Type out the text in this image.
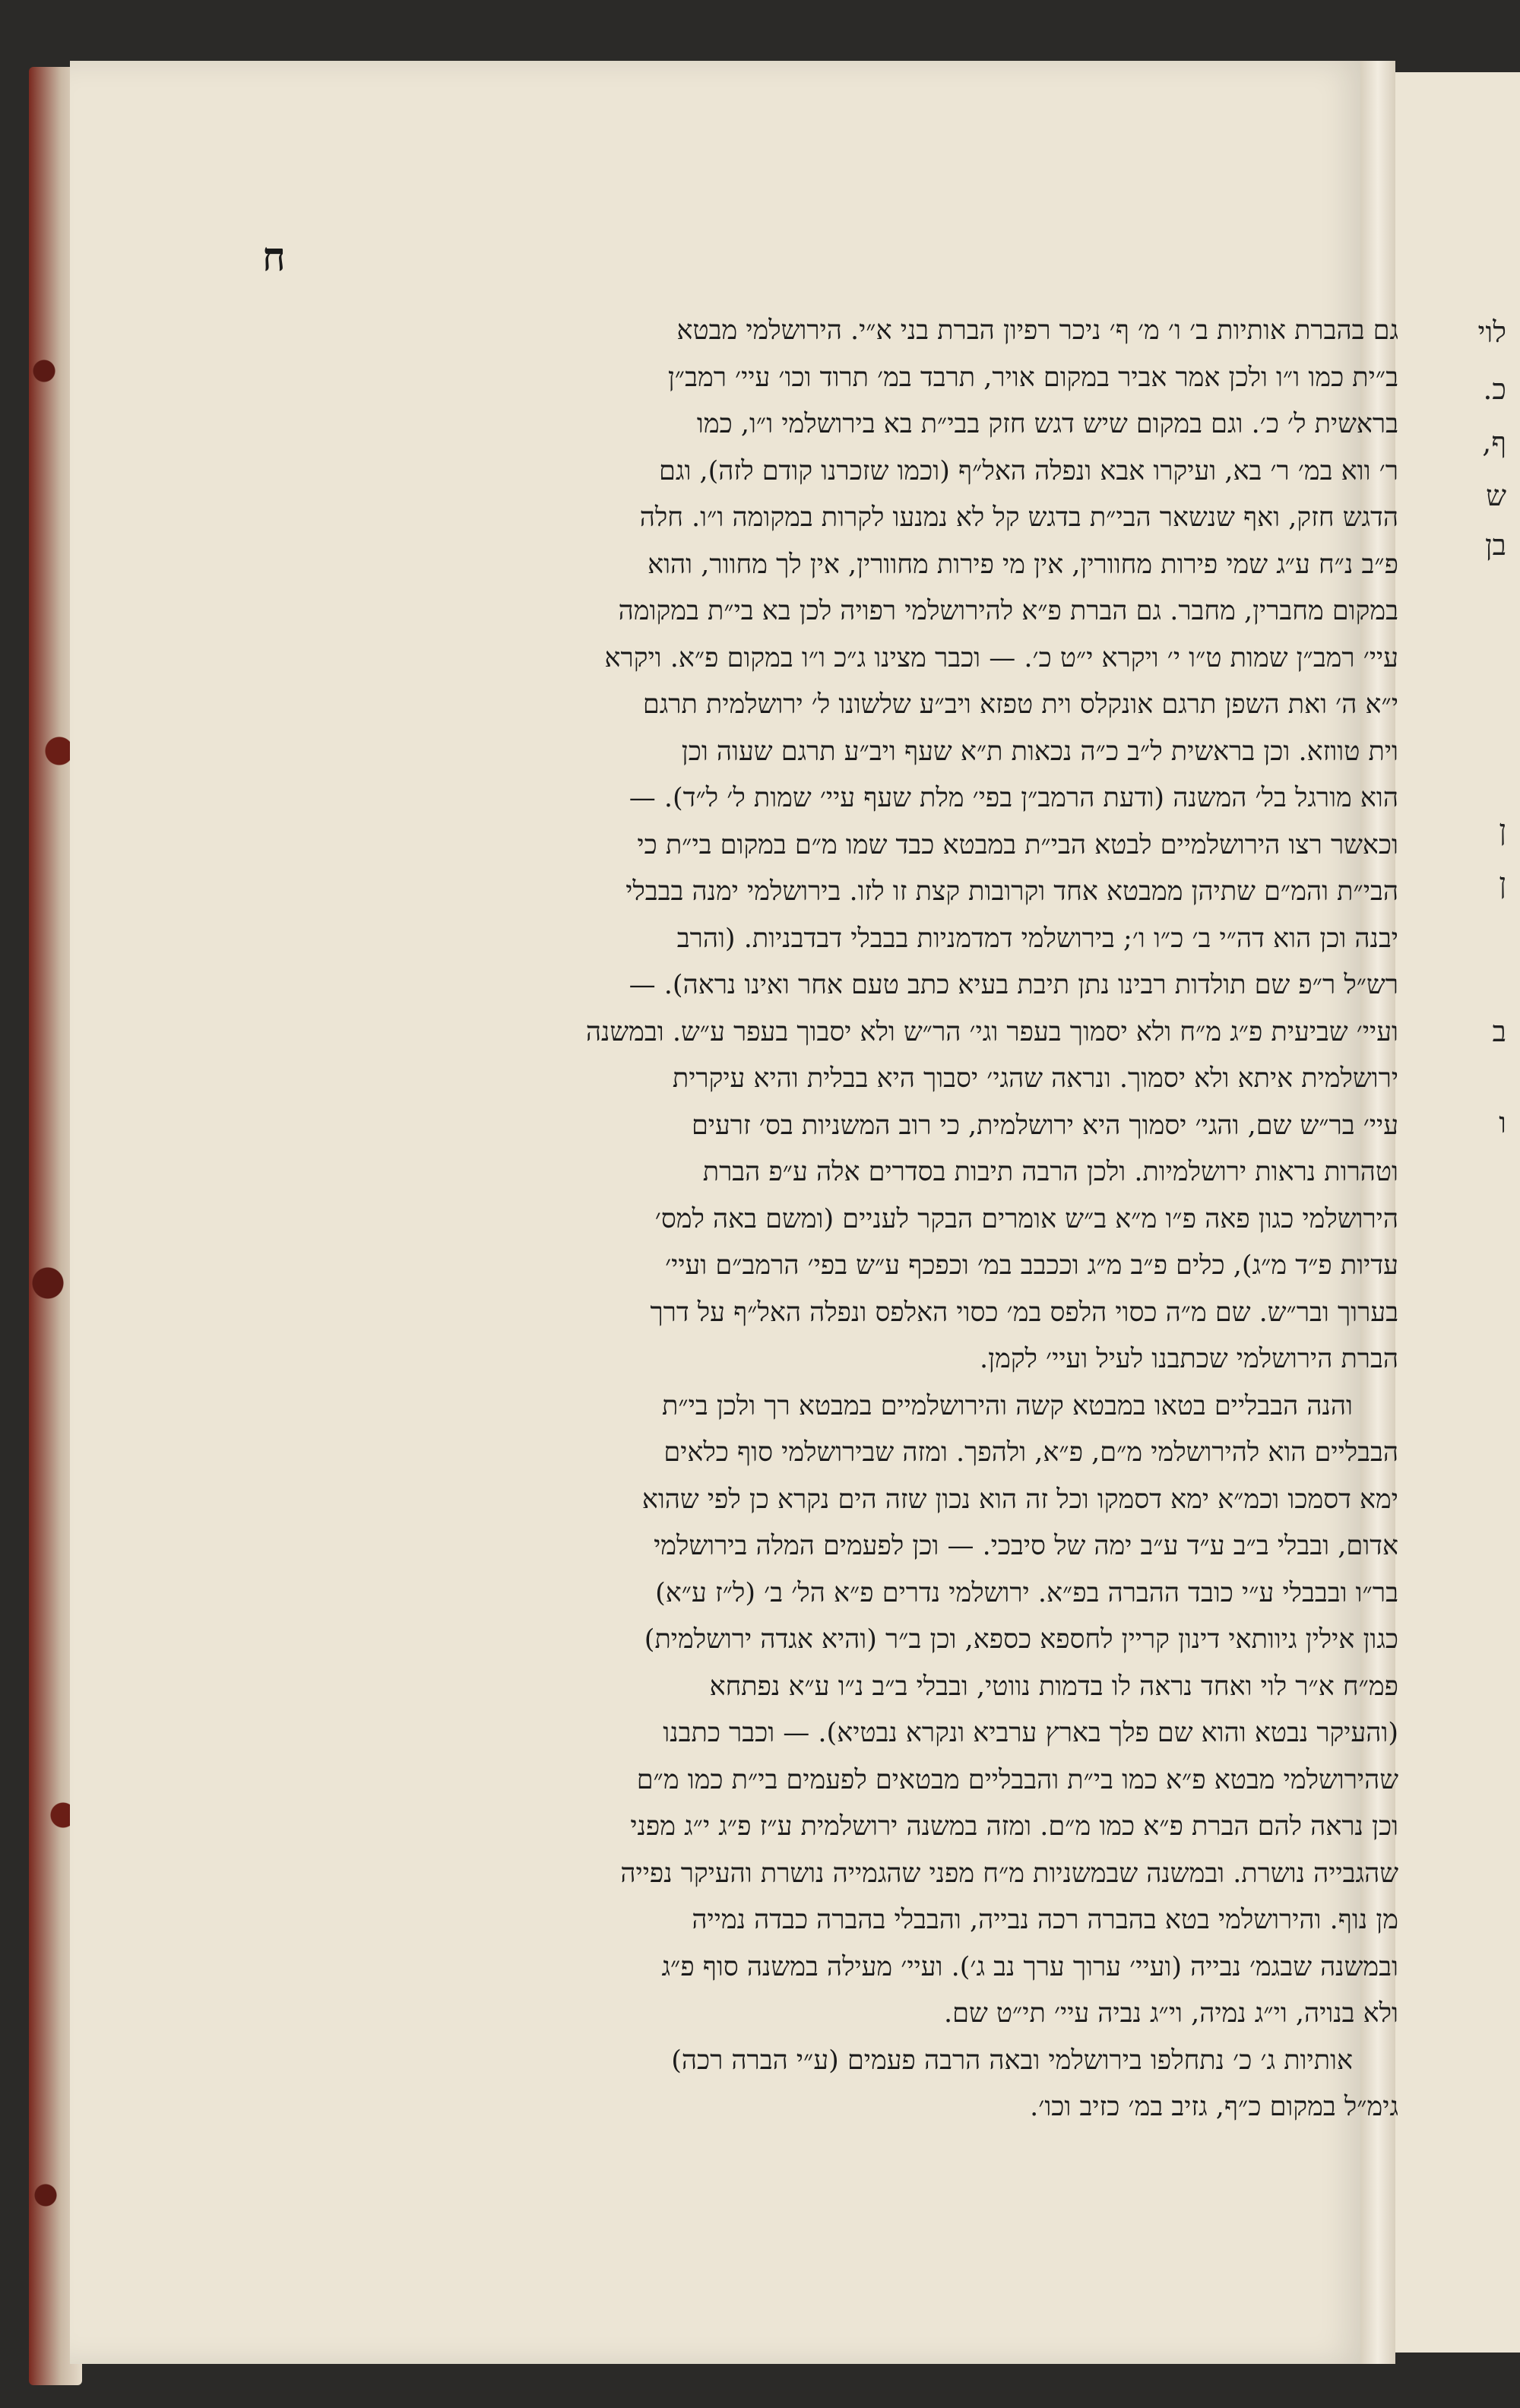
לוי
כ.
ף,
ש
בן
ן
ן
ב
ו
ח
גם בהברת אותיות ב׳ ו׳ מ׳ ף׳ ניכר רפיון הברת בני א״י. הירושלמי מבטא
ב״ית כמו ו״ו ולכן אמר אביר במקום אויר, תרבד במ׳ תרוד וכו׳ עיי׳ רמב״ן
בראשית ל׳ כ׳. וגם במקום שיש דגש חזק בבי״ת בא בירושלמי ו״ו, כמו
ר׳ ווא במ׳ ר׳ בא, ועיקרו אבא ונפלה האל״ף (וכמו שזכרנו קודם לזה), וגם
הדגש חזק, ואף שנשאר הבי״ת בדגש קל לא נמנעו לקרות במקומה ו״ו. חלה
פ״ב נ״ח ע״ג שמי פירות מחוורין, אין מי פירות מחוורין, אין לך מחוור, והוא
במקום מחברין, מחבר. גם הברת פ״א להירושלמי רפויה לכן בא בי״ת במקומה
עיי׳ רמב״ן שמות ט״ו י׳ ויקרא י״ט כ׳. — וכבר מצינו ג״כ ו״ו במקום פ״א. ויקרא
י״א ה׳ ואת השפן תרגם אונקלס וית טפזא ויב״ע שלשונו ל׳ ירושלמית תרגם
וית טווזא. וכן בראשית ל״ב כ״ה נכאות ת״א שעף ויב״ע תרגם שעוה וכן
הוא מורגל בל׳ המשנה (ודעת הרמב״ן בפי׳ מלת שעף עיי׳ שמות ל׳ ל״ד). —
וכאשר רצו הירושלמיים לבטא הבי״ת במבטא כבד שמו מ״ם במקום בי״ת כי
הבי״ת והמ״ם שתיהן ממבטא אחד וקרובות קצת זו לזו. בירושלמי ימנה בבבלי
יבנה וכן הוא דה״י ב׳ כ״ו ו׳; בירושלמי דמדמניות בבבלי דבדבניות. (והרב
רש״ל ר״פ שם תולדות רבינו נתן תיבת בעיא כתב טעם אחר ואינו נראה). —
ועיי׳ שביעית פ״ג מ״ח ולא יסמוך בעפר וגי׳ הר״ש ולא יסבוך בעפר ע״ש. ובמשנה
ירושלמית איתא ולא יסמוך. ונראה שהגי׳ יסבוך היא בבלית והיא עיקרית
עיי׳ בר״ש שם, והגי׳ יסמוך היא ירושלמית, כי רוב המשניות בס׳ זרעים
וטהרות נראות ירושלמיות. ולכן הרבה תיבות בסדרים אלה ע״פ הברת
הירושלמי כגון פאה פ״ו מ״א ב״ש אומרים הבקר לעניים (ומשם באה למס׳
עדיות פ״ד מ״ג), כלים פ״ב מ״ג וככבב במ׳ וכפכף ע״ש בפי׳ הרמב״ם ועיי׳
בערוך ובר״ש. שם מ״ה כסוי הלפס במ׳ כסוי האלפס ונפלה האל״ף על דרך
הברת הירושלמי שכתבנו לעיל ועיי׳ לקמן.
והנה הבבליים בטאו במבטא קשה והירושלמיים במבטא רך ולכן בי״ת
הבבליים הוא להירושלמי מ״ם, פ״א, ולהפך. ומזה שבירושלמי סוף כלאים
ימא דסמכו וכמ״א ימא דסמקו וכל זה הוא נכון שזה הים נקרא כן לפי שהוא
אדום, ובבלי ב״ב ע״ד ע״ב ימה של סיבכי. — וכן לפעמים המלה בירושלמי
בר״ו ובבבלי ע״י כובד ההברה בפ״א. ירושלמי נדרים פ״א הל׳ ב׳ (ל״ז ע״א)
כגון אילין גיוותאי דינון קריין לחספא כספא, וכן ב״ר (והיא אגדה ירושלמית)
פמ״ח א״ר לוי ואחד נראה לו בדמות נווטי, ובבלי ב״ב נ״ו ע״א נפתחא
(והעיקר נבטא והוא שם פלך בארץ ערביא ונקרא נבטיא). — וכבר כתבנו
שהירושלמי מבטא פ״א כמו בי״ת והבבליים מבטאים לפעמים בי״ת כמו מ״ם
וכן נראה להם הברת פ״א כמו מ״ם. ומזה במשנה ירושלמית ע״ז פ״ג י״ג מפני
שהגבייה נושרת. ובמשנה שבמשניות מ״ח מפני שהגמייה נושרת והעיקר נפייה
מן נוף. והירושלמי בטא בהברה רכה נבייה, והבבלי בהברה כבדה נמייה
ובמשנה שבגמ׳ נבייה (ועיי׳ ערוך ערך נב ג׳). ועיי׳ מעילה במשנה סוף פ״ג
ולא בנויה, וי״ג נמיה, וי״ג נביה עיי׳ תי״ט שם.
אותיות ג׳ כ׳ נתחלפו בירושלמי ובאה הרבה פעמים (ע״י הברה רכה)
גימ״ל במקום כ״ף, גזיב במ׳ כזיב וכו׳.
